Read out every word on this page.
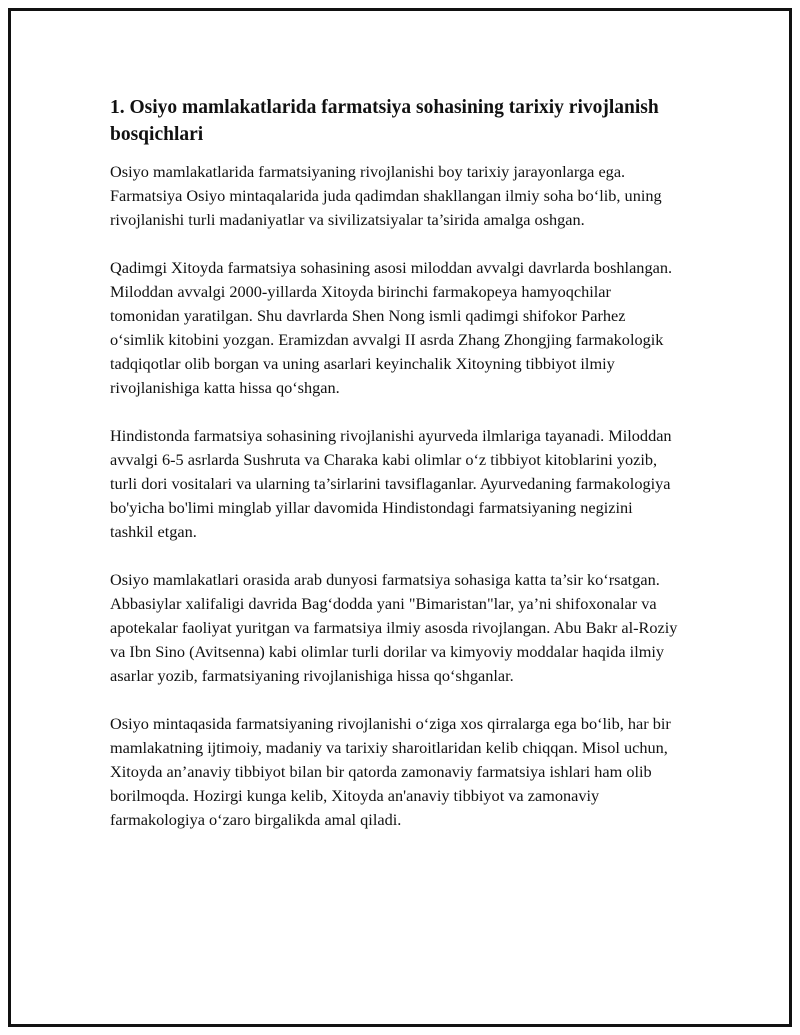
1. Osiyo mamlakatlarida farmatsiya sohasining tarixiy rivojlanish bosqichlari

Osiyo mamlakatlarida farmatsiyaning rivojlanishi boy tarixiy jarayonlarga ega. Farmatsiya Osiyo mintaqalarida juda qadimdan shakllangan ilmiy soha bo‘lib, uning rivojlanishi turli madaniyatlar va sivilizatsiyalar ta’sirida amalga oshgan.

Qadimgi Xitoyda farmatsiya sohasining asosi miloddan avvalgi davrlarda boshlangan. Miloddan avvalgi 2000-yillarda Xitoyda birinchi farmakopeya hamyoqchilar tomonidan yaratilgan. Shu davrlarda Shen Nong ismli qadimgi shifokor Parhez o‘simlik kitobini yozgan. Eramizdan avvalgi II asrda Zhang Zhongjing farmakologik tadqiqotlar olib borgan va uning asarlari keyinchalik Xitoyning tibbiyot ilmiy rivojlanishiga katta hissa qo‘shgan.

Hindistonda farmatsiya sohasining rivojlanishi ayurveda ilmlariga tayanadi. Miloddan avvalgi 6-5 asrlarda Sushruta va Charaka kabi olimlar o‘z tibbiyot kitoblarini yozib, turli dori vositalari va ularning ta’sirlarini tavsiflaganlar. Ayurvedaning farmakologiya bo'yicha bo'limi minglab yillar davomida Hindistondagi farmatsiyaning negizini tashkil etgan.

Osiyo mamlakatlari orasida arab dunyosi farmatsiya sohasiga katta ta’sir ko‘rsatgan. Abbasiylar xalifaligi davrida Bag‘dodda yani "Bimaristan"lar, ya’ni shifoxonalar va apotekalar faoliyat yuritgan va farmatsiya ilmiy asosda rivojlangan. Abu Bakr al-Roziy va Ibn Sino (Avitsenna) kabi olimlar turli dorilar va kimyoviy moddalar haqida ilmiy asarlar yozib, farmatsiyaning rivojlanishiga hissa qo‘shganlar.

Osiyo mintaqasida farmatsiyaning rivojlanishi o‘ziga xos qirralarga ega bo‘lib, har bir mamlakatning ijtimoiy, madaniy va tarixiy sharoitlaridan kelib chiqqan. Misol uchun, Xitoyda an’anaviy tibbiyot bilan bir qatorda zamonaviy farmatsiya ishlari ham olib borilmoqda. Hozirgi kunga kelib, Xitoyda an'anaviy tibbiyot va zamonaviy farmakologiya o‘zaro birgalikda amal qiladi.
